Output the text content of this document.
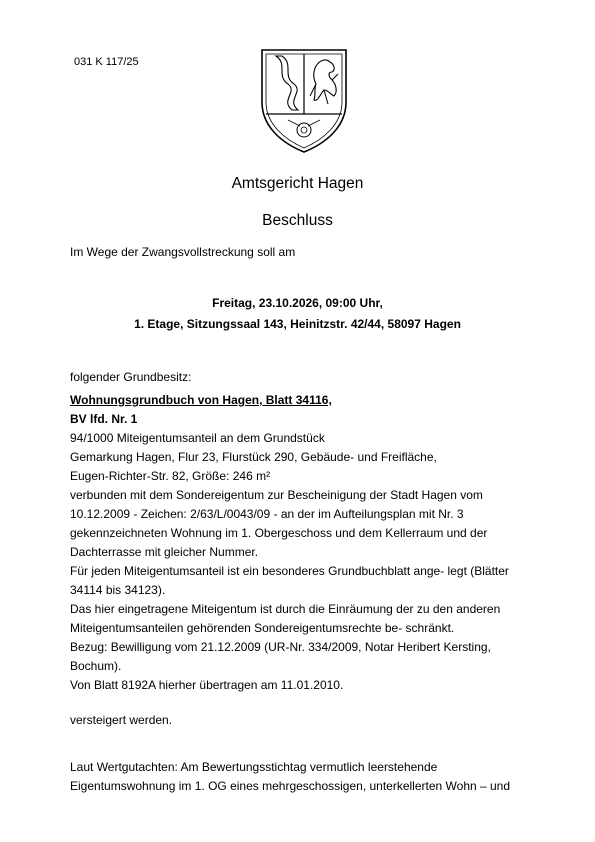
031 K 117/25
Amtsgericht Hagen
Beschluss
Im Wege der Zwangsvollstreckung soll am
Freitag, 23.10.2026, 09:00 Uhr,
1. Etage, Sitzungssaal 143, Heinitzstr. 42/44, 58097 Hagen
folgender Grundbesitz:
Wohnungsgrundbuch von Hagen, Blatt 34116,
BV lfd. Nr. 1
94/1000 Miteigentumsanteil an dem Grundstück
Gemarkung Hagen, Flur 23, Flurstück 290, Gebäude- und Freifläche,
Eugen-Richter-Str. 82, Größe: 246 m²
verbunden mit dem Sondereigentum zur Bescheinigung der Stadt Hagen vom
10.12.2009 - Zeichen: 2/63/L/0043/09 - an der im Aufteilungsplan mit Nr. 3
gekennzeichneten Wohnung im 1. Obergeschoss und dem Kellerraum und der
Dachterrasse mit gleicher Nummer.
Für jeden Miteigentumsanteil ist ein besonderes Grundbuchblatt ange- legt (Blätter
34114 bis 34123).
Das hier eingetragene Miteigentum ist durch die Einräumung der zu den anderen
Miteigentumsanteilen gehörenden Sondereigentumsrechte be- schränkt.
Bezug: Bewilligung vom 21.12.2009 (UR-Nr. 334/2009, Notar Heribert Kersting,
Bochum).
Von Blatt 8192A hierher übertragen am 11.01.2010.
versteigert werden.
Laut Wertgutachten: Am Bewertungsstichtag vermutlich leerstehende
Eigentumswohnung im 1. OG eines mehrgeschossigen, unterkellerten Wohn – und
